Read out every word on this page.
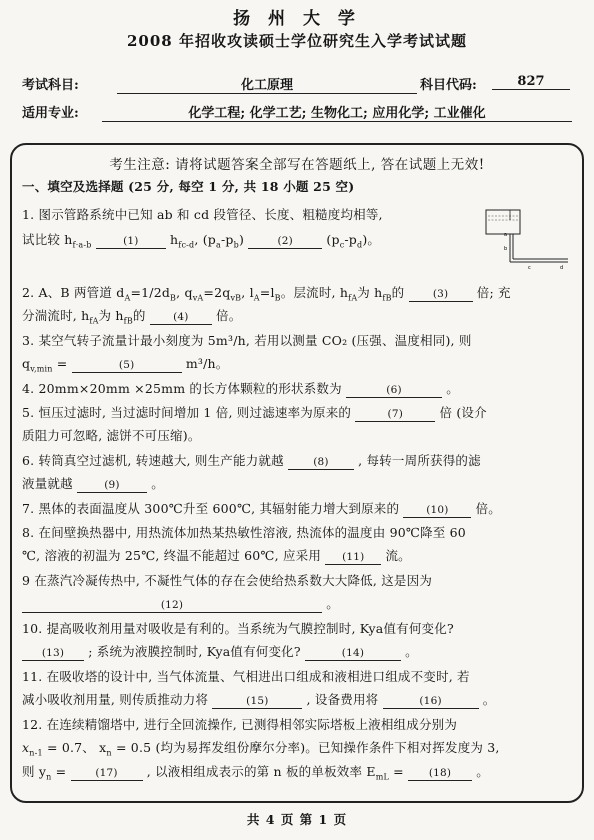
扬 州 大 学
2008 年招收攻读硕士学位研究生入学考试试题
考试科目:	化工原理	科目代码:	827
适用专业:	化学工程; 化学工艺; 生物化工; 应用化学; 工业催化
考生注意: 请将试题答案全部写在答题纸上, 答在试题上无效!
一、填空及选择题 (25 分, 每空 1 分, 共 18 小题 25 空)
1. 图示管路系统中已知 ab 和 cd 段管径、长度、粗糙度均相等,
试比较 $h_{f\cdot a-b}$	(1)	$h_{fc-d}$, $(p_a-p_b)$	(2)	$(p_c-p_d)$。	a
b
c	d
2. A、B 两管道 $d_A=1/2d_B$, $q_{vA}=2q_{vB}$, $l_A=l_B$。层流时, $h_{fA}$为 $h_{fB}$的	(3) 倍; 充
分湍流时, $h_{fA}$为 $h_{fB}$的	(4) 倍。
3. 某空气转子流量计最小刻度为 5m³/h, 若用以测量 CO₂ (压强、温度相同), 则
$q_{v,min}$ =	(5)	m³/h。
4. 20mm×20mm ×25mm 的长方体颗粒的形状系数为	(6)	。
5. 恒压过滤时, 当过滤时间增加 1 倍, 则过滤速率为原来的	(7)	倍 (设介
质阻力可忽略, 滤饼不可压缩)。
6. 转筒真空过滤机, 转速越大, 则生产能力就越	(8) , 每转一周所获得的滤
液量就越	(9)	。
7. 黑体的表面温度从 300℃升至 600℃, 其辐射能力增大到原来的	(10) 倍。
8. 在间壁换热器中, 用热流体加热某热敏性溶液, 热流体的温度由 90℃降至 60
℃, 溶液的初温为 25℃, 终温不能超过 60℃, 应采用 (11) 流。
9 在蒸汽冷凝传热中, 不凝性气体的存在会使给热系数大大降低, 这是因为
(12)	。
10. 提高吸收剂用量对吸收是有利的。当系统为气膜控制时, Kya值有何变化?
(13) ; 系统为液膜控制时, Kya值有何变化?	(14)	。
11. 在吸收塔的设计中, 当气体流量、气相进出口组成和液相进口组成不变时, 若
减小吸收剂用量, 则传质推动力将	(15)	, 设备费用将	(16)	。
12. 在连续精馏塔中, 进行全回流操作, 已测得相邻实际塔板上液相组成分别为
$x_{n-1} = 0.7$、 $x_n = 0.5$ (均为易挥发组份摩尔分率)。已知操作条件下相对挥发度为 3,
则 $y_n$ =	(17) , 以液相组成表示的第 n 板的单板效率 $E_{mL} = (18)$ 。
共 4 页 第 1 页
